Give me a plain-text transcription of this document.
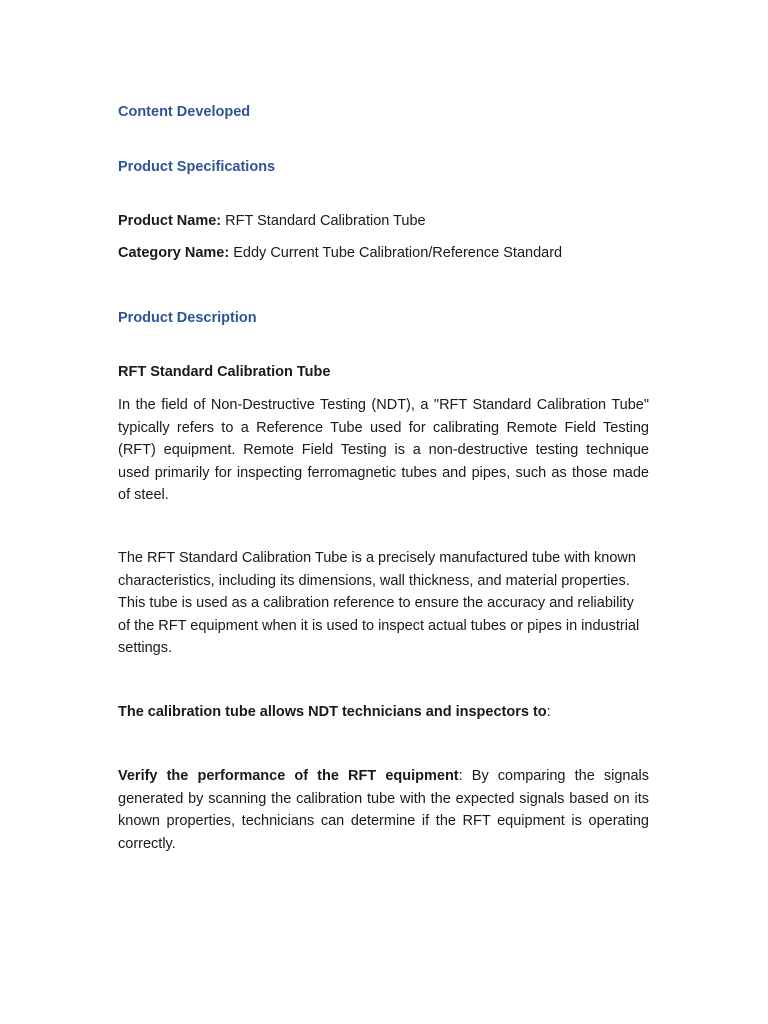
Content Developed

Product Specifications

Product Name: RFT Standard Calibration Tube

Category Name: Eddy Current Tube Calibration/Reference Standard

Product Description

RFT Standard Calibration Tube

In the field of Non-Destructive Testing (NDT), a "RFT Standard Calibration Tube" typically refers to a Reference Tube used for calibrating Remote Field Testing (RFT) equipment. Remote Field Testing is a non-destructive testing technique used primarily for inspecting ferromagnetic tubes and pipes, such as those made of steel.

The RFT Standard Calibration Tube is a precisely manufactured tube with known characteristics, including its dimensions, wall thickness, and material properties. This tube is used as a calibration reference to ensure the accuracy and reliability of the RFT equipment when it is used to inspect actual tubes or pipes in industrial settings.

The calibration tube allows NDT technicians and inspectors to:

Verify the performance of the RFT equipment: By comparing the signals generated by scanning the calibration tube with the expected signals based on its known properties, technicians can determine if the RFT equipment is operating correctly.
